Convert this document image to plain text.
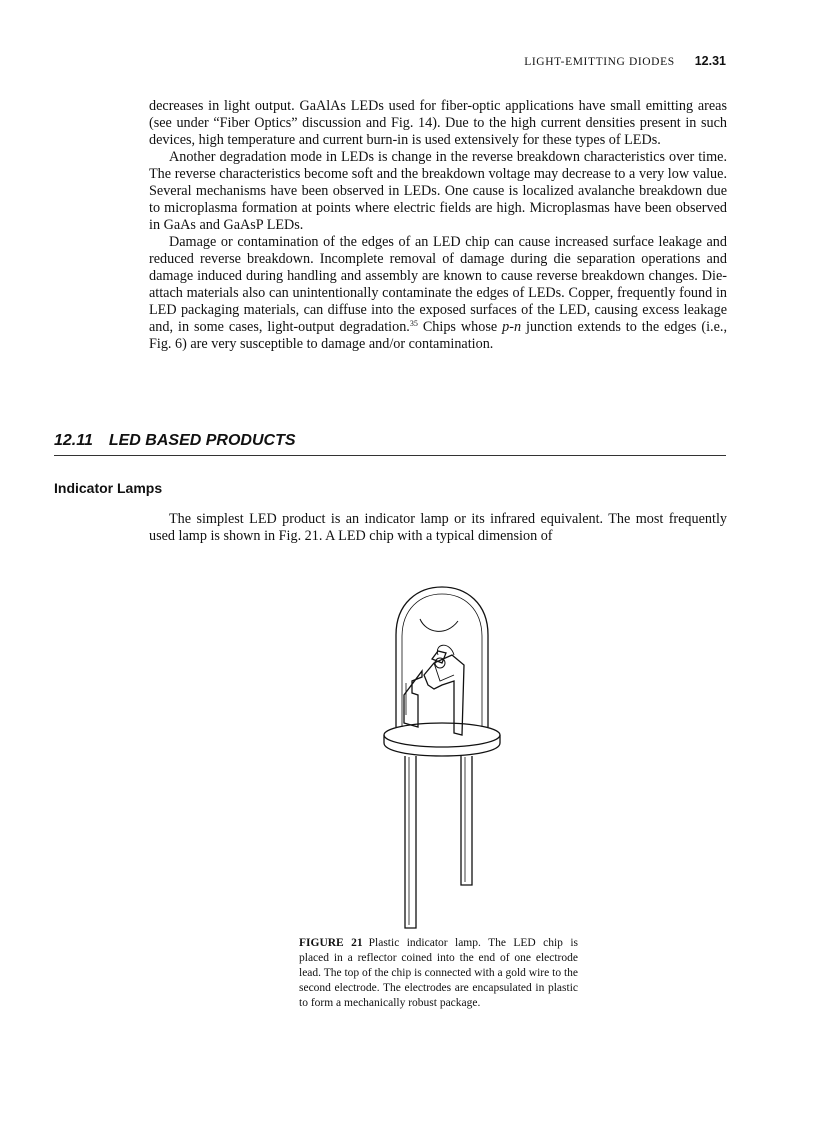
LIGHT-EMITTING DIODES 12.31

decreases in light output. GaAlAs LEDs used for fiber-optic applications have small emitting areas (see under “Fiber Optics” discussion and Fig. 14). Due to the high current densities present in such devices, high temperature and current burn-in is used extensively for these types of LEDs.

Another degradation mode in LEDs is change in the reverse breakdown characteristics over time. The reverse characteristics become soft and the breakdown voltage may decrease to a very low value. Several mechanisms have been observed in LEDs. One cause is localized avalanche breakdown due to microplasma formation at points where electric fields are high. Microplasmas have been observed in GaAs and GaAsP LEDs.

Damage or contamination of the edges of an LED chip can cause increased surface leakage and reduced reverse breakdown. Incomplete removal of damage during die separation operations and damage induced during handling and assembly are known to cause reverse breakdown changes. Die-attach materials also can unintentionally contaminate the edges of LEDs. Copper, frequently found in LED packaging materials, can diffuse into the exposed surfaces of the LED, causing excess leakage and, in some cases, light-output degradation.$^{35}$ Chips whose p-n junction extends to the edges (i.e., Fig. 6) are very susceptible to damage and/or contamination.

12.11 LED BASED PRODUCTS
Indicator Lamps

The simplest LED product is an indicator lamp or its infrared equivalent. The most frequently used lamp is shown in Fig. 21. A LED chip with a typical dimension of

FIGURE 21 Plastic indicator lamp. The LED chip is placed in a reflector coined into the end of one electrode lead. The top of the chip is connected with a gold wire to the second electrode. The electrodes are encapsulated in plastic to form a mechanically robust package.
